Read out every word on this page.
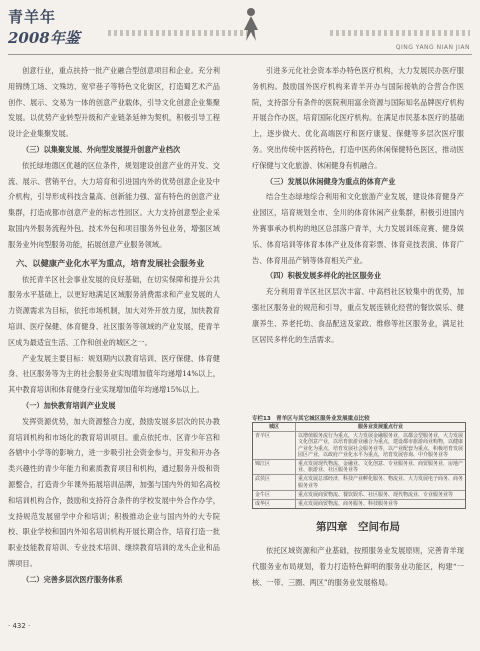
青羊年
2008年鉴
QING YANG NIAN JIAN

创意行业，重点扶持一批产业融合型创意项目和企业。充分利用锦绣工场、文殊坊、宽窄巷子等特色文化街区，打造蜀艺术产品创作、展示、交易为一体的创意产业载体，引导文化创意企业集聚发展。以优势产业转型升级和产业链条延伸为契机，积极引导工程设计企业集聚发展。

（三）以集聚发展、外向型发展提升创意产业档次

依托绿地德区优越的区位条件，规划建设创意产业的开发、交流、展示、营销平台，大力培育和引进国内外的优势创意企业及中介机构，引导形成科技含量高、创新能力强、富有特色的创意产业集群，打造成都市创意产业的标志性园区。大力支持创意型企业采取国内外服务流程外包、技术外包和项目服务外包业务，增强区域服务业外向型服务功能，拓展创意产业服务领域。

六、以健康产业化水平为重点，培育发展社会服务业

依托青羊区社会事业发展的良好基础，在切实保障和提升公共服务水平基础上，以更好地满足区域服务消费需求和产业发展的人力资源需求为目标，依托市场机制，加大对外开放力度，加快教育培训、医疗保健、体育健身、社区服务等领域的产业发展，使青羊区成为最适宜生活、工作和创业的城区之一。

产业发展主要目标：规划期内以教育培训、医疗保健、体育健身、社区服务等为主的社会服务业实现增加值年均递增14%以上，其中教育培训和体育健身行业实现增加值年均递增15%以上。

（一）加快教育培训产业发展

发挥资源优势，加大资源整合力度，鼓励发展多层次的民办教育培训机构和市场化的教育培训项目。重点依托市、区青少年宫和各辖中小学等的影响力，进一步吸引社会资金参与，开发和开办各类兴趣性的青少年能力和素质教育项目和机构，通过服务升级和资源整合，打造青少年课外拓展培训品牌，加强与国内外的知名高校和培训机构合作，鼓励和支持符合条件的学校发展中外合作办学，支持规范发展留学中介和培训；积极推动企业与国内外的大专院校、职业学校和国内外知名培训机构开展长期合作，培育打造一批职业技能教育培训、专业技术培训、继续教育培训的龙头企业和品牌项目。

（二）完善多层次医疗服务体系

引进多元化社会资本举办特色医疗机构，大力发展民办医疗服务机构。鼓励国外医疗机构来青羊开办与国际接轨的合营合作医院，支持部分有条件的医院利用富余资源与国际知名品牌医疗机构开展合作办医，培育国际化医疗机构。在满足市民基本医疗的基础上，逐步做大、优化高端医疗和医疗康复、保健等多层次医疗服务。突出传统中医药特色，打造中医药休闲保健特色医区，推动医疗保健与文化旅游、休闲健身有机融合。

（三）发展以休闲健身为重点的体育产业

结合生态绿地综合利用和文化旅游产业发展，建设体育健身产业园区，培育规划全市、全川的体育休闲产业集群，积极引进国内外赛事承办机构的地区总部落户青羊，大力发展训练竞赛、健身娱乐、体育培训等体育本体产业及体育彩票、体育竞技表演、体育广告、体育用品产销等体育相关产业。

（四）积极发展多样化的社区服务业

充分利用青羊区社区层次丰富、中高档社区较集中的优势，加强社区服务业的规范和引导，重点发展连锁化经营的餐饮娱乐、健康养生、养老托幼、食品配送及家政、维修等社区服务业，满足社区居民多样化的生活需求。

专栏13　青羊区与其它城区服务业发展重点比较
城区	服务业发展重点行业
青羊区	以增值服务流行为重点，大力发展金融服务业，以都会型服务业，大力发展文化创意产业，以培育旅游业融合为重点，建设都市旅游商业购物，以健康产业化为重点，培育发展社会服务业等，以产业配套为重点，积极培育发展园区产业，以政府产业化水平为重点，培育发展咨询、中介服务业等
锦江区	重点发展现代物流、金融业、文化创意、专业服务业、商贸服务业，房地产业、旅游业、社区服务业等
武侯区	重点发展总部经济，科技产业孵化服务、物流业、大力发展电子商务、商务服务业等
金牛区	重点发展商贸物流、餐饮娱乐、社区服务、现代物流业、专业服务业等
成华区	重点发展商贸物流、商务服务、科技服务业等
第四章　空间布局

依托区域资源和产业基础，按照服务业发展原则，完善青羊现代服务业布局规划，着力打造特色鲜明的服务业功能区，构建“一核、一带、三圈、两区”的服务业发展格局。

· 432 ·
